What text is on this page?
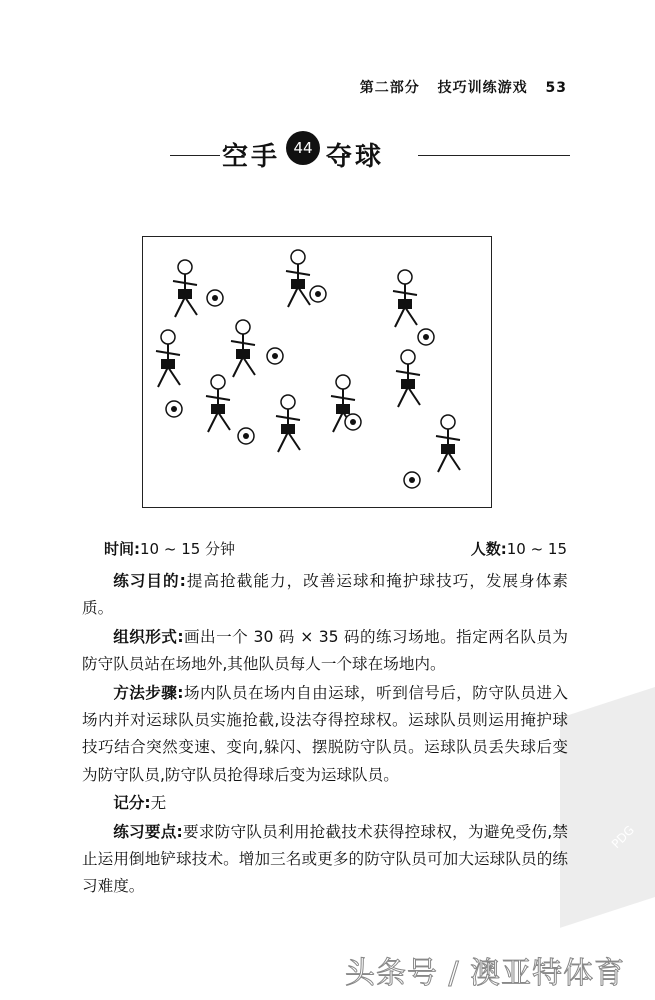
第二部分 技巧训练游戏 53
空手 44 夺球
时间:10 ~ 15 分钟	人数:10 ~ 15
PDG

练习目的:提高抢截能力，改善运球和掩护球技巧，发展身体素质。

组织形式:画出一个 30 码 × 35 码的练习场地。指定两名队员为防守队员站在场地外,其他队员每人一个球在场地内。

方法步骤:场内队员在场内自由运球，听到信号后，防守队员进入场内并对运球队员实施抢截,设法夺得控球权。运球队员则运用掩护球技巧结合突然变速、变向,躲闪、摆脱防守队员。运球队员丢失球后变为防守队员,防守队员抢得球后变为运球队员。

记分:无

练习要点:要求防守队员利用抢截技术获得控球权，为避免受伤,禁止运用倒地铲球技术。增加三名或更多的防守队员可加大运球队员的练习难度。

头条号 / 澳亚特体育
